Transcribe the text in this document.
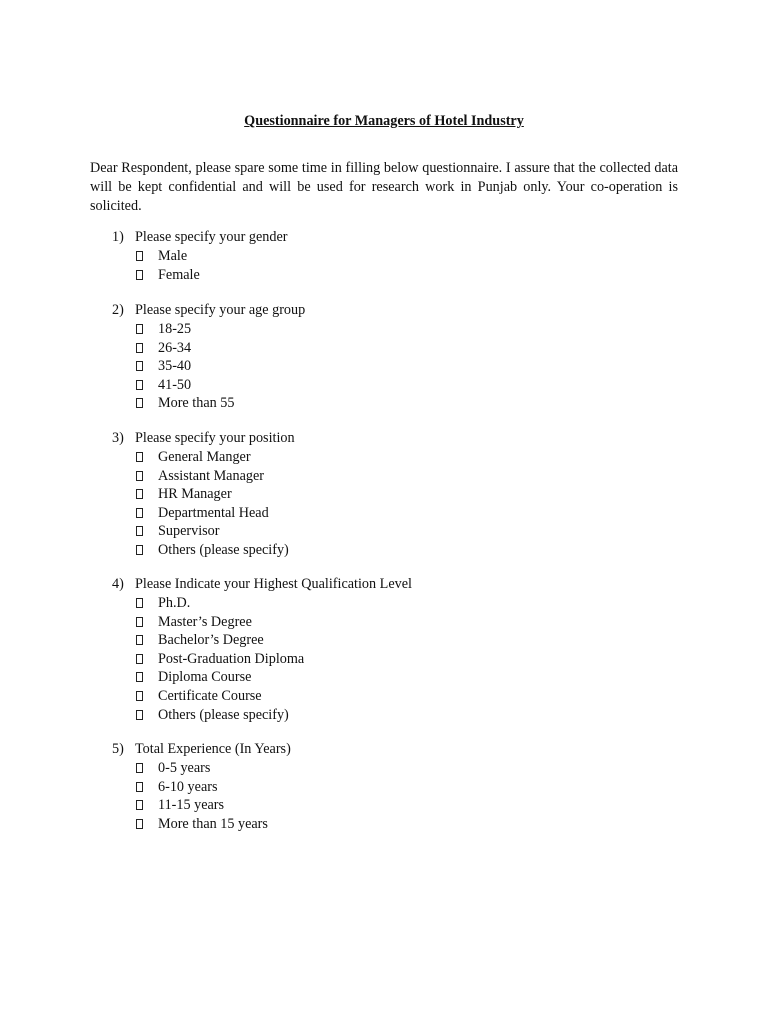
Questionnaire for Managers of Hotel Industry

Dear Respondent, please spare some time in filling below questionnaire. I assure that the collected data will be kept confidential and will be used for research work in Punjab only. Your co-operation is solicited.

1) Please specify your gender
Male
Female
2) Please specify your age group
18-25
26-34
35-40
41-50
More than 55
3) Please specify your position
General Manger
Assistant Manager
HR Manager
Departmental Head
Supervisor
Others (please specify)
4) Please Indicate your Highest Qualification Level
Ph.D.
Master’s Degree
Bachelor’s Degree
Post-Graduation Diploma
Diploma Course
Certificate Course
Others (please specify)
5) Total Experience (In Years)
0-5 years
6-10 years
11-15 years
More than 15 years
